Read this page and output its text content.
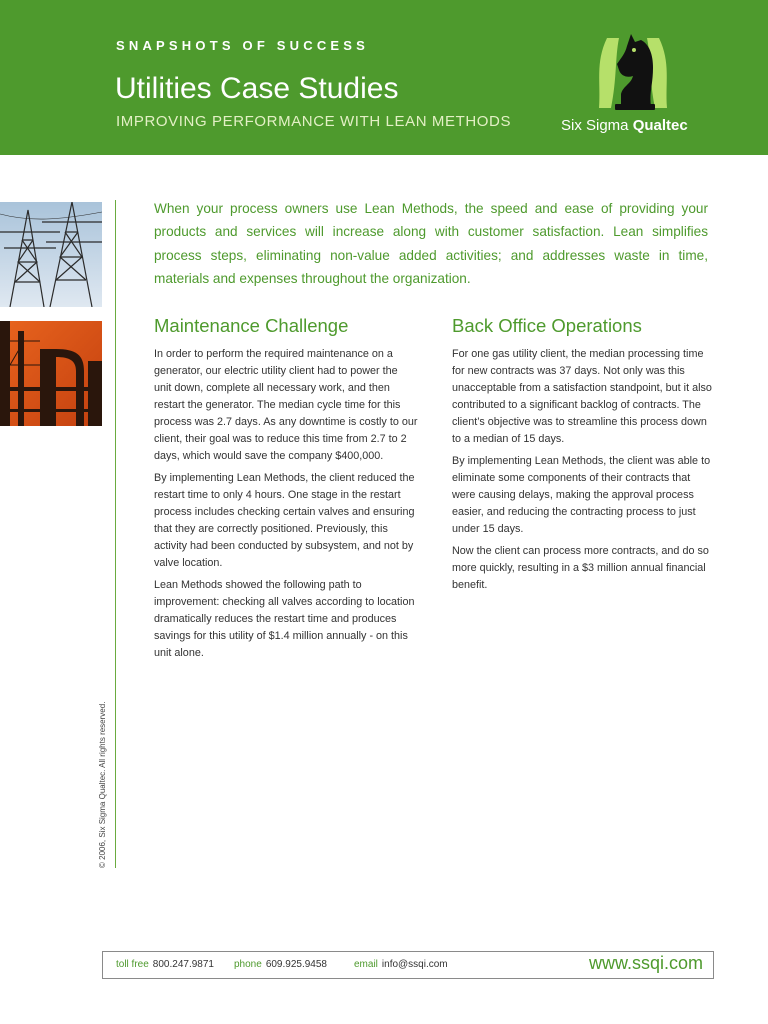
SNAPSHOTS OF SUCCESS
Utilities Case Studies
IMPROVING PERFORMANCE WITH LEAN METHODS	Six Sigma Qualtec
© 2006, Six Sigma Qualtec. All rights reserved.
When your process owners use Lean Methods, the speed and ease of providing your products and services will increase along with customer satisfaction. Lean simplifies process steps, eliminating non-value added activities; and addresses waste in time, materials and expenses throughout the organization.
Maintenance Challenge

In order to perform the required maintenance on a generator, our electric utility client had to power the unit down, complete all necessary work, and then restart the generator. The median cycle time for this process was 2.7 days. As any downtime is costly to our client, their goal was to reduce this time from 2.7 to 2 days, which would save the company $400,000.

By implementing Lean Methods, the client reduced the restart time to only 4 hours. One stage in the restart process includes checking certain valves and ensuring that they are correctly positioned. Previously, this activity had been conducted by subsystem, and not by valve location.

Lean Methods showed the following path to improvement: checking all valves according to location dramatically reduces the restart time and produces savings for this utility of $1.4 million annually - on this unit alone.

Back Office Operations

For one gas utility client, the median processing time for new contracts was 37 days. Not only was this unacceptable from a satisfaction standpoint, but it also contributed to a significant backlog of contracts. The client’s objective was to streamline this process down to a median of 15 days.

By implementing Lean Methods, the client was able to eliminate some components of their contracts that were causing delays, making the approval process easier, and reducing the contracting process to just under 15 days.

Now the client can process more contracts, and do so more quickly, resulting in a $3 million annual financial benefit.

toll free 800.247.9871 phone 609.925.9458	email info@ssqi.com	www.ssqi.com
